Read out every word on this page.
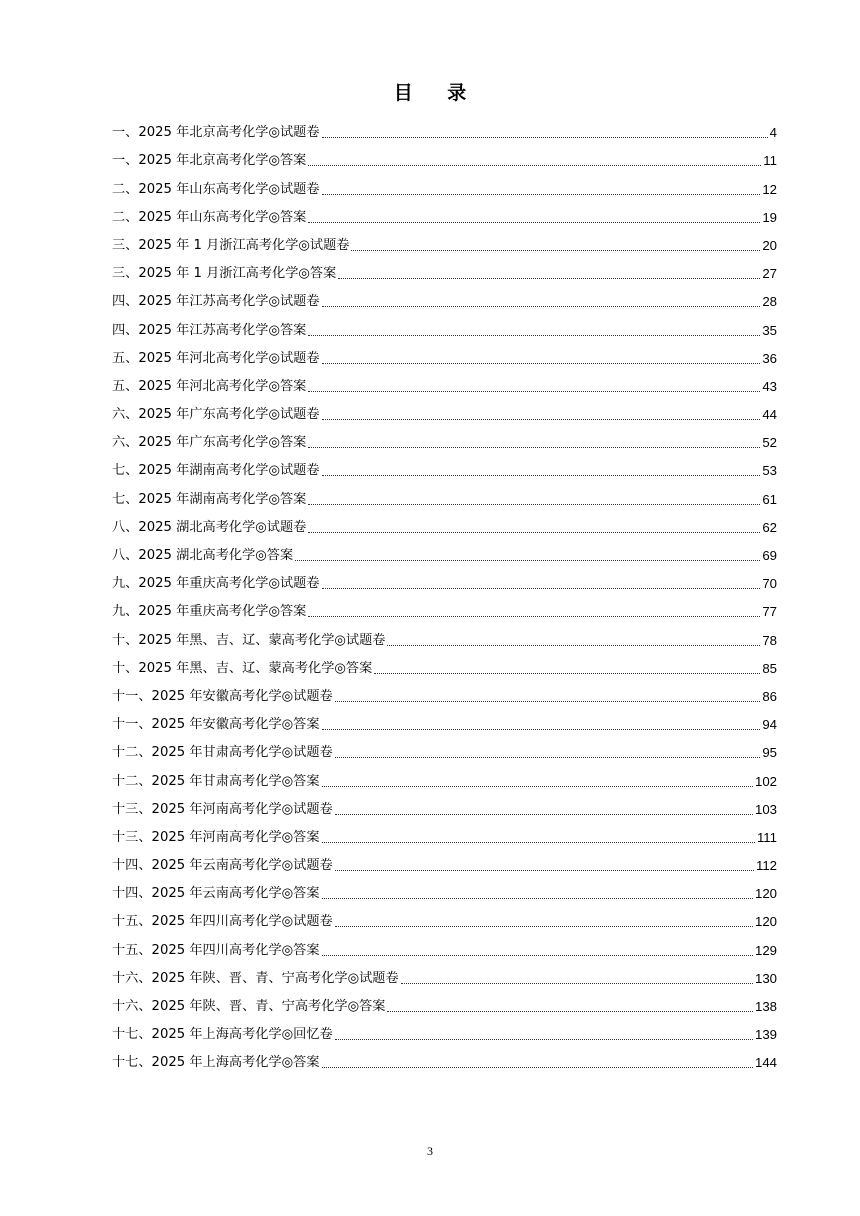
目 录
一、2025 年北京高考化学◎试题卷	4
一、2025 年北京高考化学◎答案	11
二、2025 年山东高考化学◎试题卷	12
二、2025 年山东高考化学◎答案	19
三、2025 年 1 月浙江高考化学◎试题卷	20
三、2025 年 1 月浙江高考化学◎答案	27
四、2025 年江苏高考化学◎试题卷	28
四、2025 年江苏高考化学◎答案	35
五、2025 年河北高考化学◎试题卷	36
五、2025 年河北高考化学◎答案	43
六、2025 年广东高考化学◎试题卷	44
六、2025 年广东高考化学◎答案	52
七、2025 年湖南高考化学◎试题卷	53
七、2025 年湖南高考化学◎答案	61
八、2025 湖北高考化学◎试题卷	62
八、2025 湖北高考化学◎答案	69
九、2025 年重庆高考化学◎试题卷	70
九、2025 年重庆高考化学◎答案	77
十、2025 年黑、吉、辽、蒙高考化学◎试题卷	78
十、2025 年黑、吉、辽、蒙高考化学◎答案	85
十一、2025 年安徽高考化学◎试题卷	86
十一、2025 年安徽高考化学◎答案	94
十二、2025 年甘肃高考化学◎试题卷	95
十二、2025 年甘肃高考化学◎答案	102
十三、2025 年河南高考化学◎试题卷	103
十三、2025 年河南高考化学◎答案	111
十四、2025 年云南高考化学◎试题卷	112
十四、2025 年云南高考化学◎答案	120
十五、2025 年四川高考化学◎试题卷	120
十五、2025 年四川高考化学◎答案	129
十六、2025 年陕、晋、青、宁高考化学◎试题卷	130
十六、2025 年陕、晋、青、宁高考化学◎答案	138
十七、2025 年上海高考化学◎回忆卷	139
十七、2025 年上海高考化学◎答案	144
3
